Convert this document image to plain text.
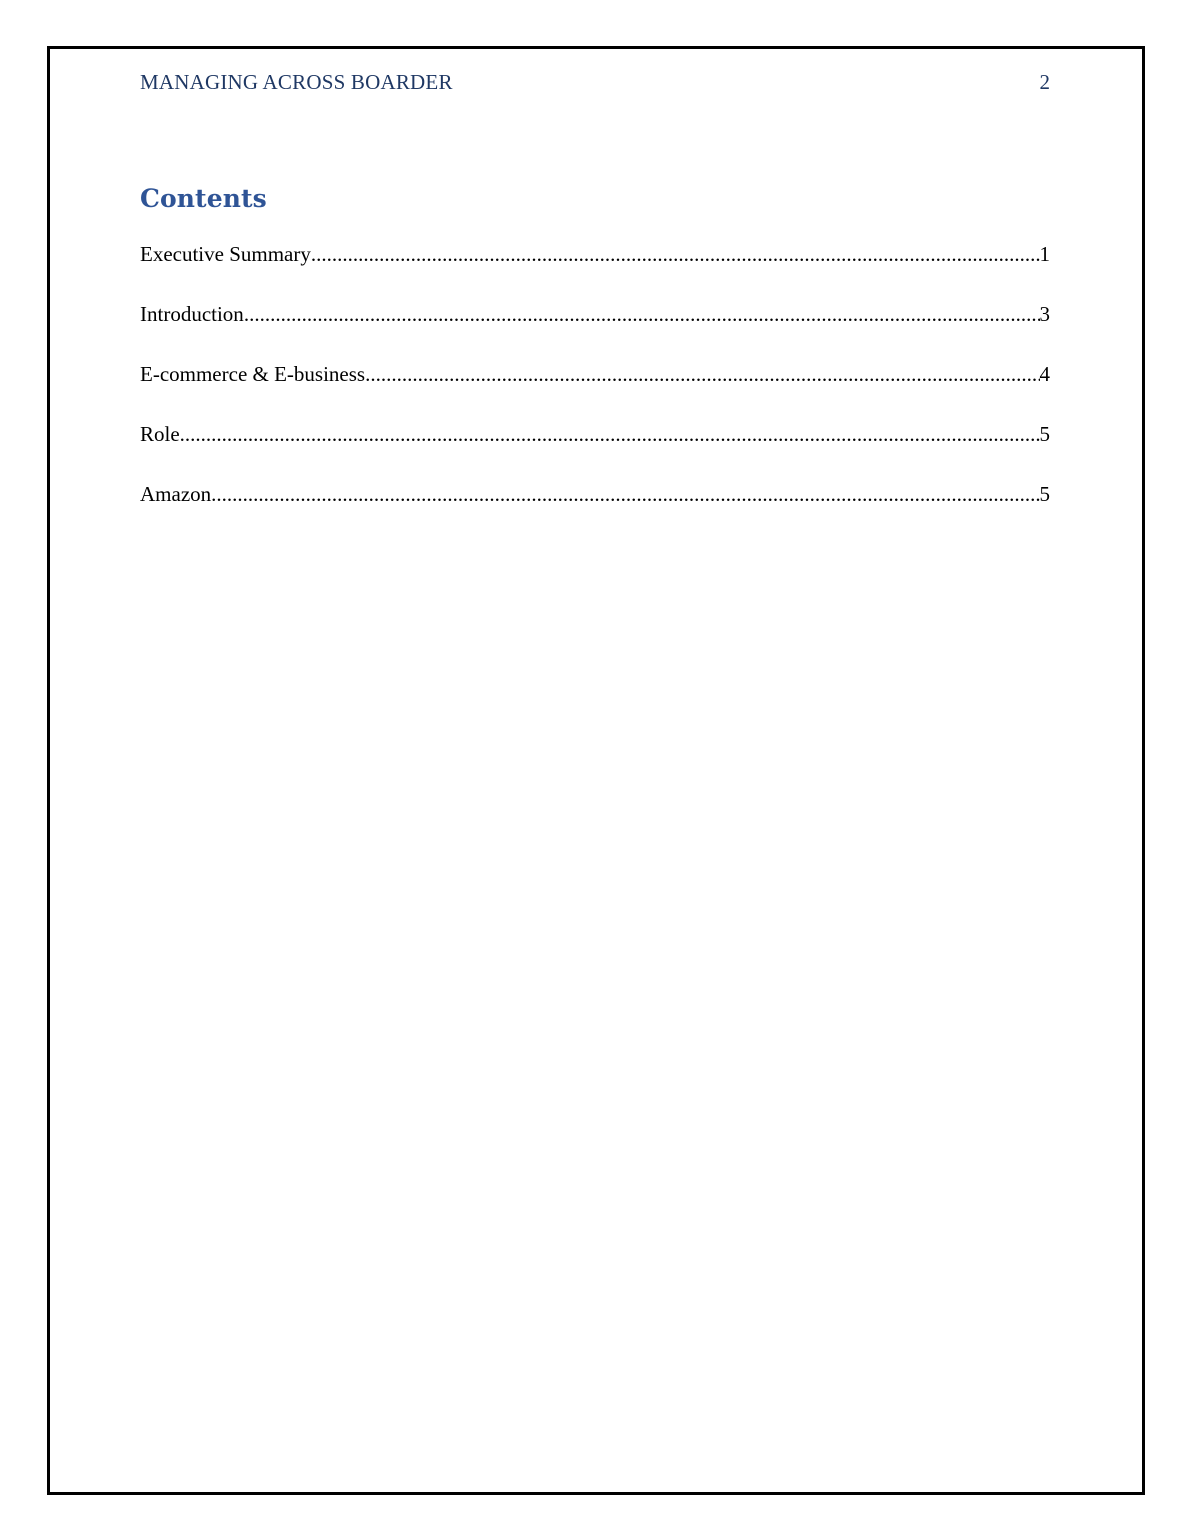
MANAGING ACROSS BOARDER	2
Contents
Executive Summary .....	1
Introduction .....	3
E-commerce & E-business .....	4
Role .....	5
Amazon .....	5
